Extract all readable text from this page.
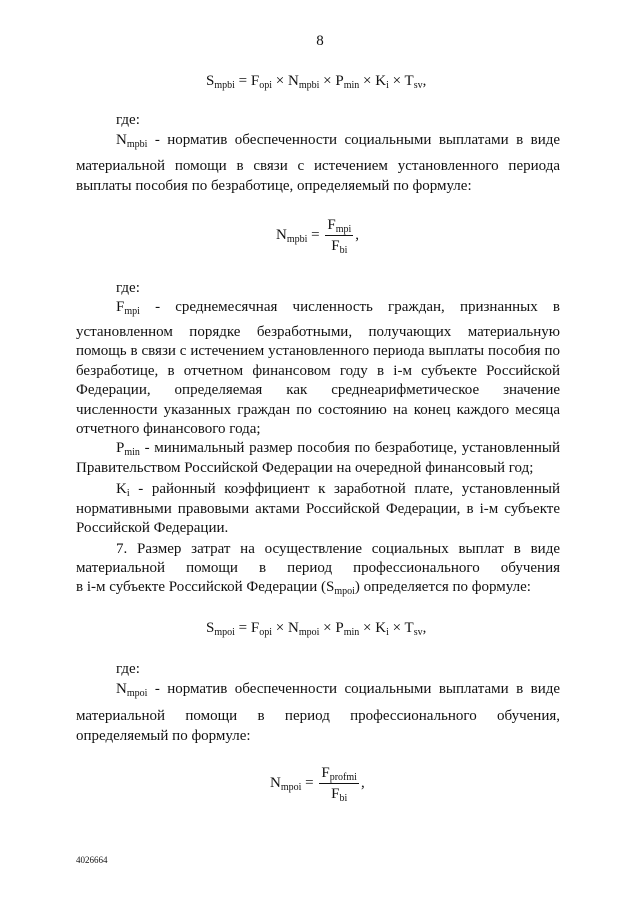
8
$S_{mpbi} = F_{opi} \times N_{mpbi} \times P_{min} \times K_i \times T_{sv}$,
где:
$N_{mpbi}$ - норматив обеспеченности социальными выплатами в виде
материальной помощи в связи с истечением установленного периода
выплаты пособия по безработице, определяемый по формуле:
$N_{mpbi} = \frac{F_{mpi}}{F_{bi}}$ ,
где:
$F_{mpi}$ - среднемесячная численность граждан, признанных в
установленном порядке безработными, получающих материальную
помощь в связи с истечением установленного периода выплаты пособия по
безработице, в отчетном финансовом году в i-м субъекте Российской
Федерации, определяемая как среднеарифметическое значение
численности указанных граждан по состоянию на конец каждого месяца
отчетного финансового года;
$P_{min}$ - минимальный размер пособия по безработице, установленный
Правительством Российской Федерации на очередной финансовый год;
$K_i$ - районный коэффициент к заработной плате, установленный
нормативными правовыми актами Российской Федерации, в i-м субъекте
Российской Федерации.
7. Размер затрат на осуществление социальных выплат в виде
материальной помощи в период профессионального обучения
в i-м субъекте Российской Федерации $(S_{mpoi})$ определяется по формуле:
$S_{mpoi} = F_{opi} \times N_{mpoi} \times P_{min} \times K_i \times T_{sv}$,
где:
$N_{mpoi}$ - норматив обеспеченности социальными выплатами в виде
материальной помощи в период профессионального обучения,
определяемый по формуле:
$N_{mpoi} = \frac{F_{profmi}}{F_{bi}}$ ,
4026664
